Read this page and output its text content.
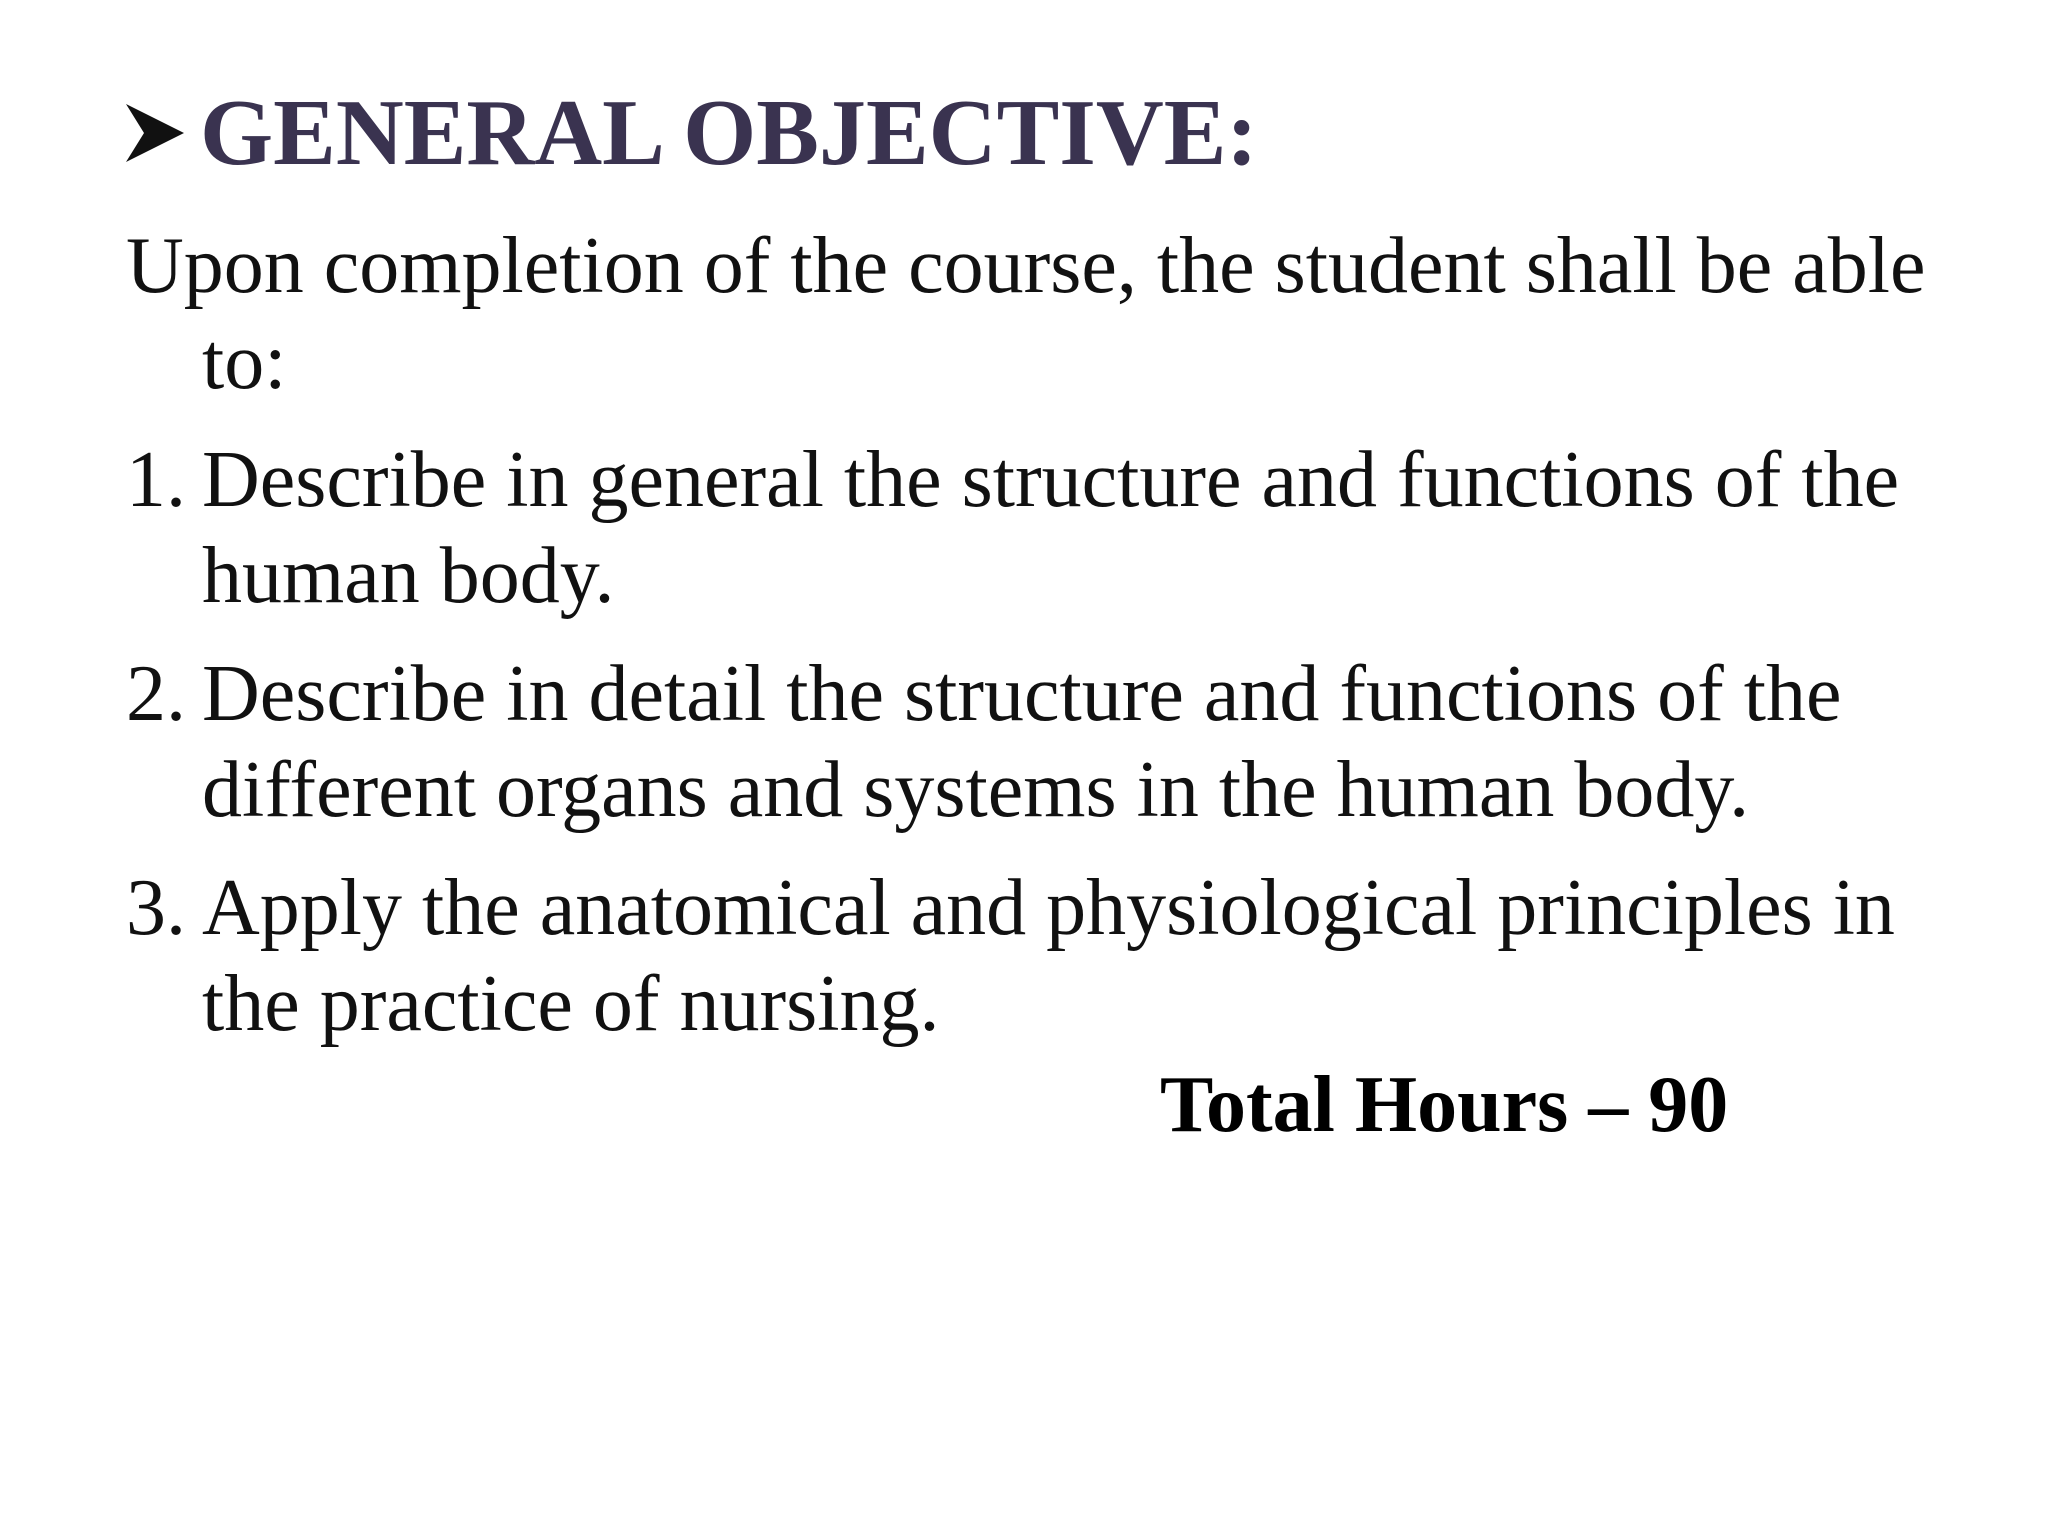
GENERAL OBJECTIVE:

Upon completion of the course, the student shall be able to:

1. Describe in general the structure and functions of the human body.

2. Describe in detail the structure and functions of the different organs and systems in the human body.

3. Apply the anatomical and physiological principles in the practice of nursing.

Total Hours – 90
